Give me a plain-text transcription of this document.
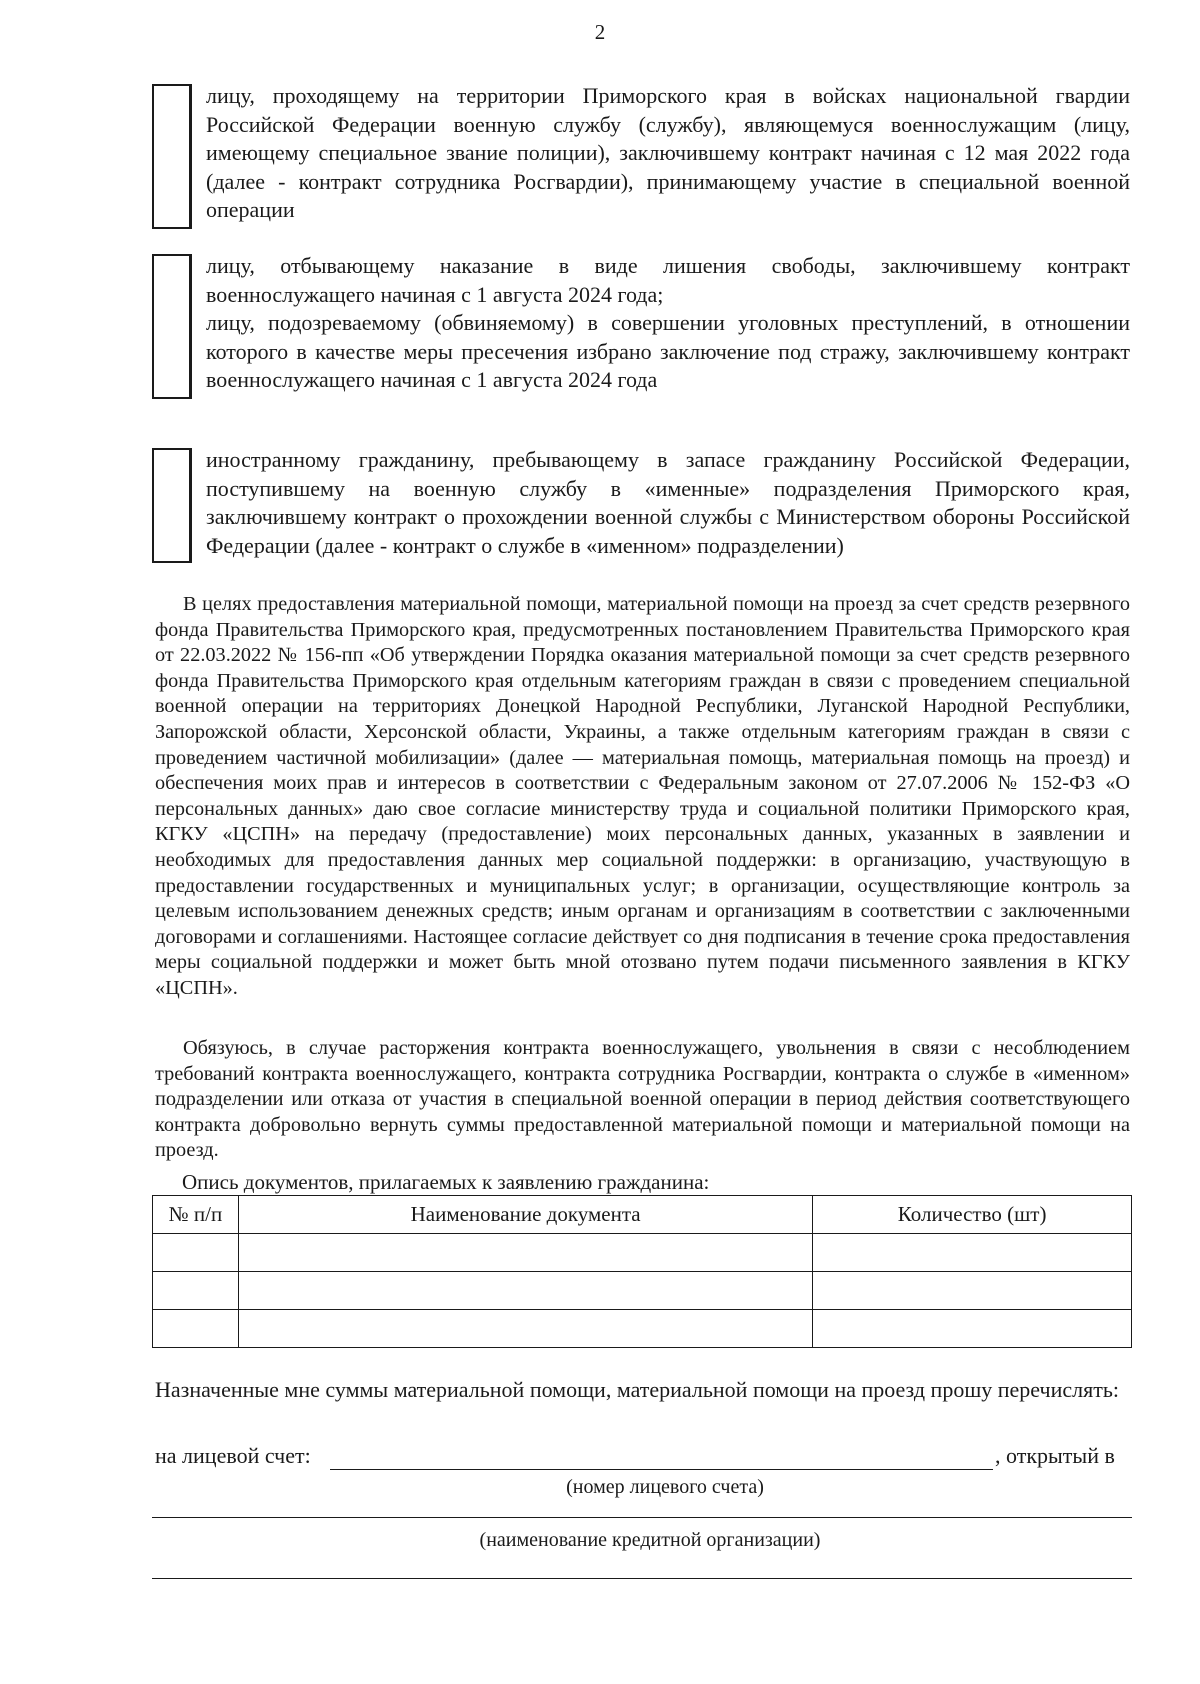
2

лицу, проходящему на территории Приморского края в войсках национальной гвардии Российской Федерации военную службу (службу), являющемуся военнослужащим (лицу, имеющему специальное звание полиции), заключившему контракт начиная с 12 мая 2022 года (далее - контракт сотрудника Росгвардии), принимающему участие в специальной военной операции

лицу, отбывающему наказание в виде лишения свободы, заключившему контракт военнослужащего начиная с 1 августа 2024 года;

лицу, подозреваемому (обвиняемому) в совершении уголовных преступлений, в отношении которого в качестве меры пресечения избрано заключение под стражу, заключившему контракт военнослужащего начиная с 1 августа 2024 года

иностранному гражданину, пребывающему в запасе гражданину Российской Федерации, поступившему на военную службу в «именные» подразделения Приморского края, заключившему контракт о прохождении военной службы с Министерством обороны Российской Федерации (далее - контракт о службе в «именном» подразделении)

В целях предоставления материальной помощи, материальной помощи на проезд за счет средств резервного фонда Правительства Приморского края, предусмотренных постановлением Правительства Приморского края от 22.03.2022 № 156-пп «Об утверждении Порядка оказания материальной помощи за счет средств резервного фонда Правительства Приморского края отдельным категориям граждан в связи с проведением специальной военной операции на территориях Донецкой Народной Республики, Луганской Народной Республики, Запорожской области, Херсонской области, Украины, а также отдельным категориям граждан в связи с проведением частичной мобилизации» (далее — материальная помощь, материальная помощь на проезд) и обеспечения моих прав и интересов в соответствии с Федеральным законом от 27.07.2006 № 152-ФЗ «О персональных данных» даю свое согласие министерству труда и социальной политики Приморского края, КГКУ «ЦСПН» на передачу (предоставление) моих персональных данных, указанных в заявлении и необходимых для предоставления данных мер социальной поддержки: в организацию, участвующую в предоставлении государственных и муниципальных услуг; в организации, осуществляющие контроль за целевым использованием денежных средств; иным органам и организациям в соответствии с заключенными договорами и соглашениями. Настоящее согласие действует со дня подписания в течение срока предоставления меры социальной поддержки и может быть мной отозвано путем подачи письменного заявления в КГКУ «ЦСПН».

Обязуюсь, в случае расторжения контракта военнослужащего, увольнения в связи с несоблюдением требований контракта военнослужащего, контракта сотрудника Росгвардии, контракта о службе в «именном» подразделении или отказа от участия в специальной военной операции в период действия соответствующего контракта добровольно вернуть суммы предоставленной материальной помощи и материальной помощи на проезд.

Опись документов, прилагаемых к заявлению гражданина:
№ п/п	Наименование документа	Количество (шт)

Назначенные мне суммы материальной помощи, материальной помощи на проезд прошу перечислять:
на лицевой счет:	, открытый в
(номер лицевого счета)
(наименование кредитной организации)
